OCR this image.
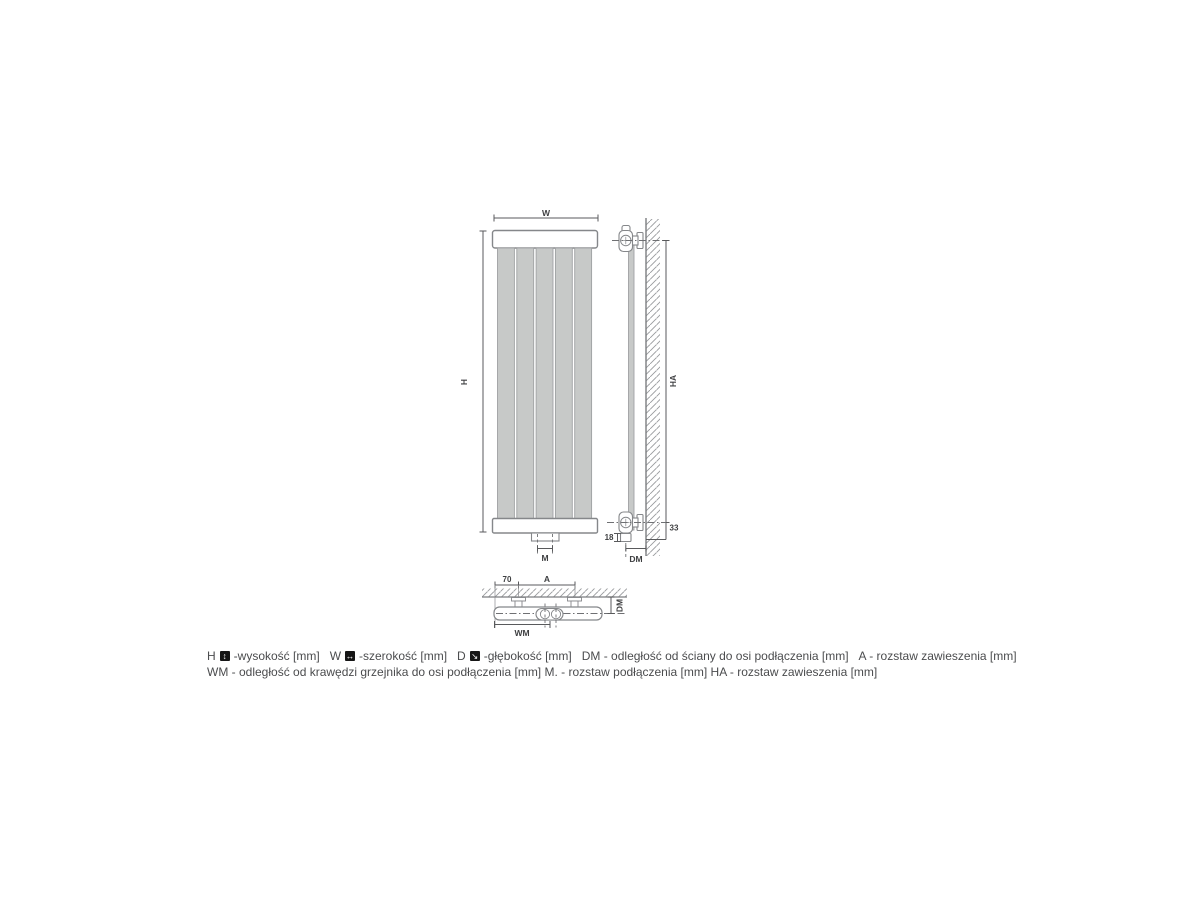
W
H
M
HA
33
18
DM
70	A
WM
DM
H ↕ -wysokość [mm] W ↔ -szerokość [mm] D ↘ -głębokość [mm] DM - odległość od ściany do osi podłączenia [mm] A - rozstaw zawieszenia [mm]
WM - odległość od krawędzi grzejnika do osi podłączenia [mm] M. - rozstaw podłączenia [mm] HA - rozstaw zawieszenia [mm]
